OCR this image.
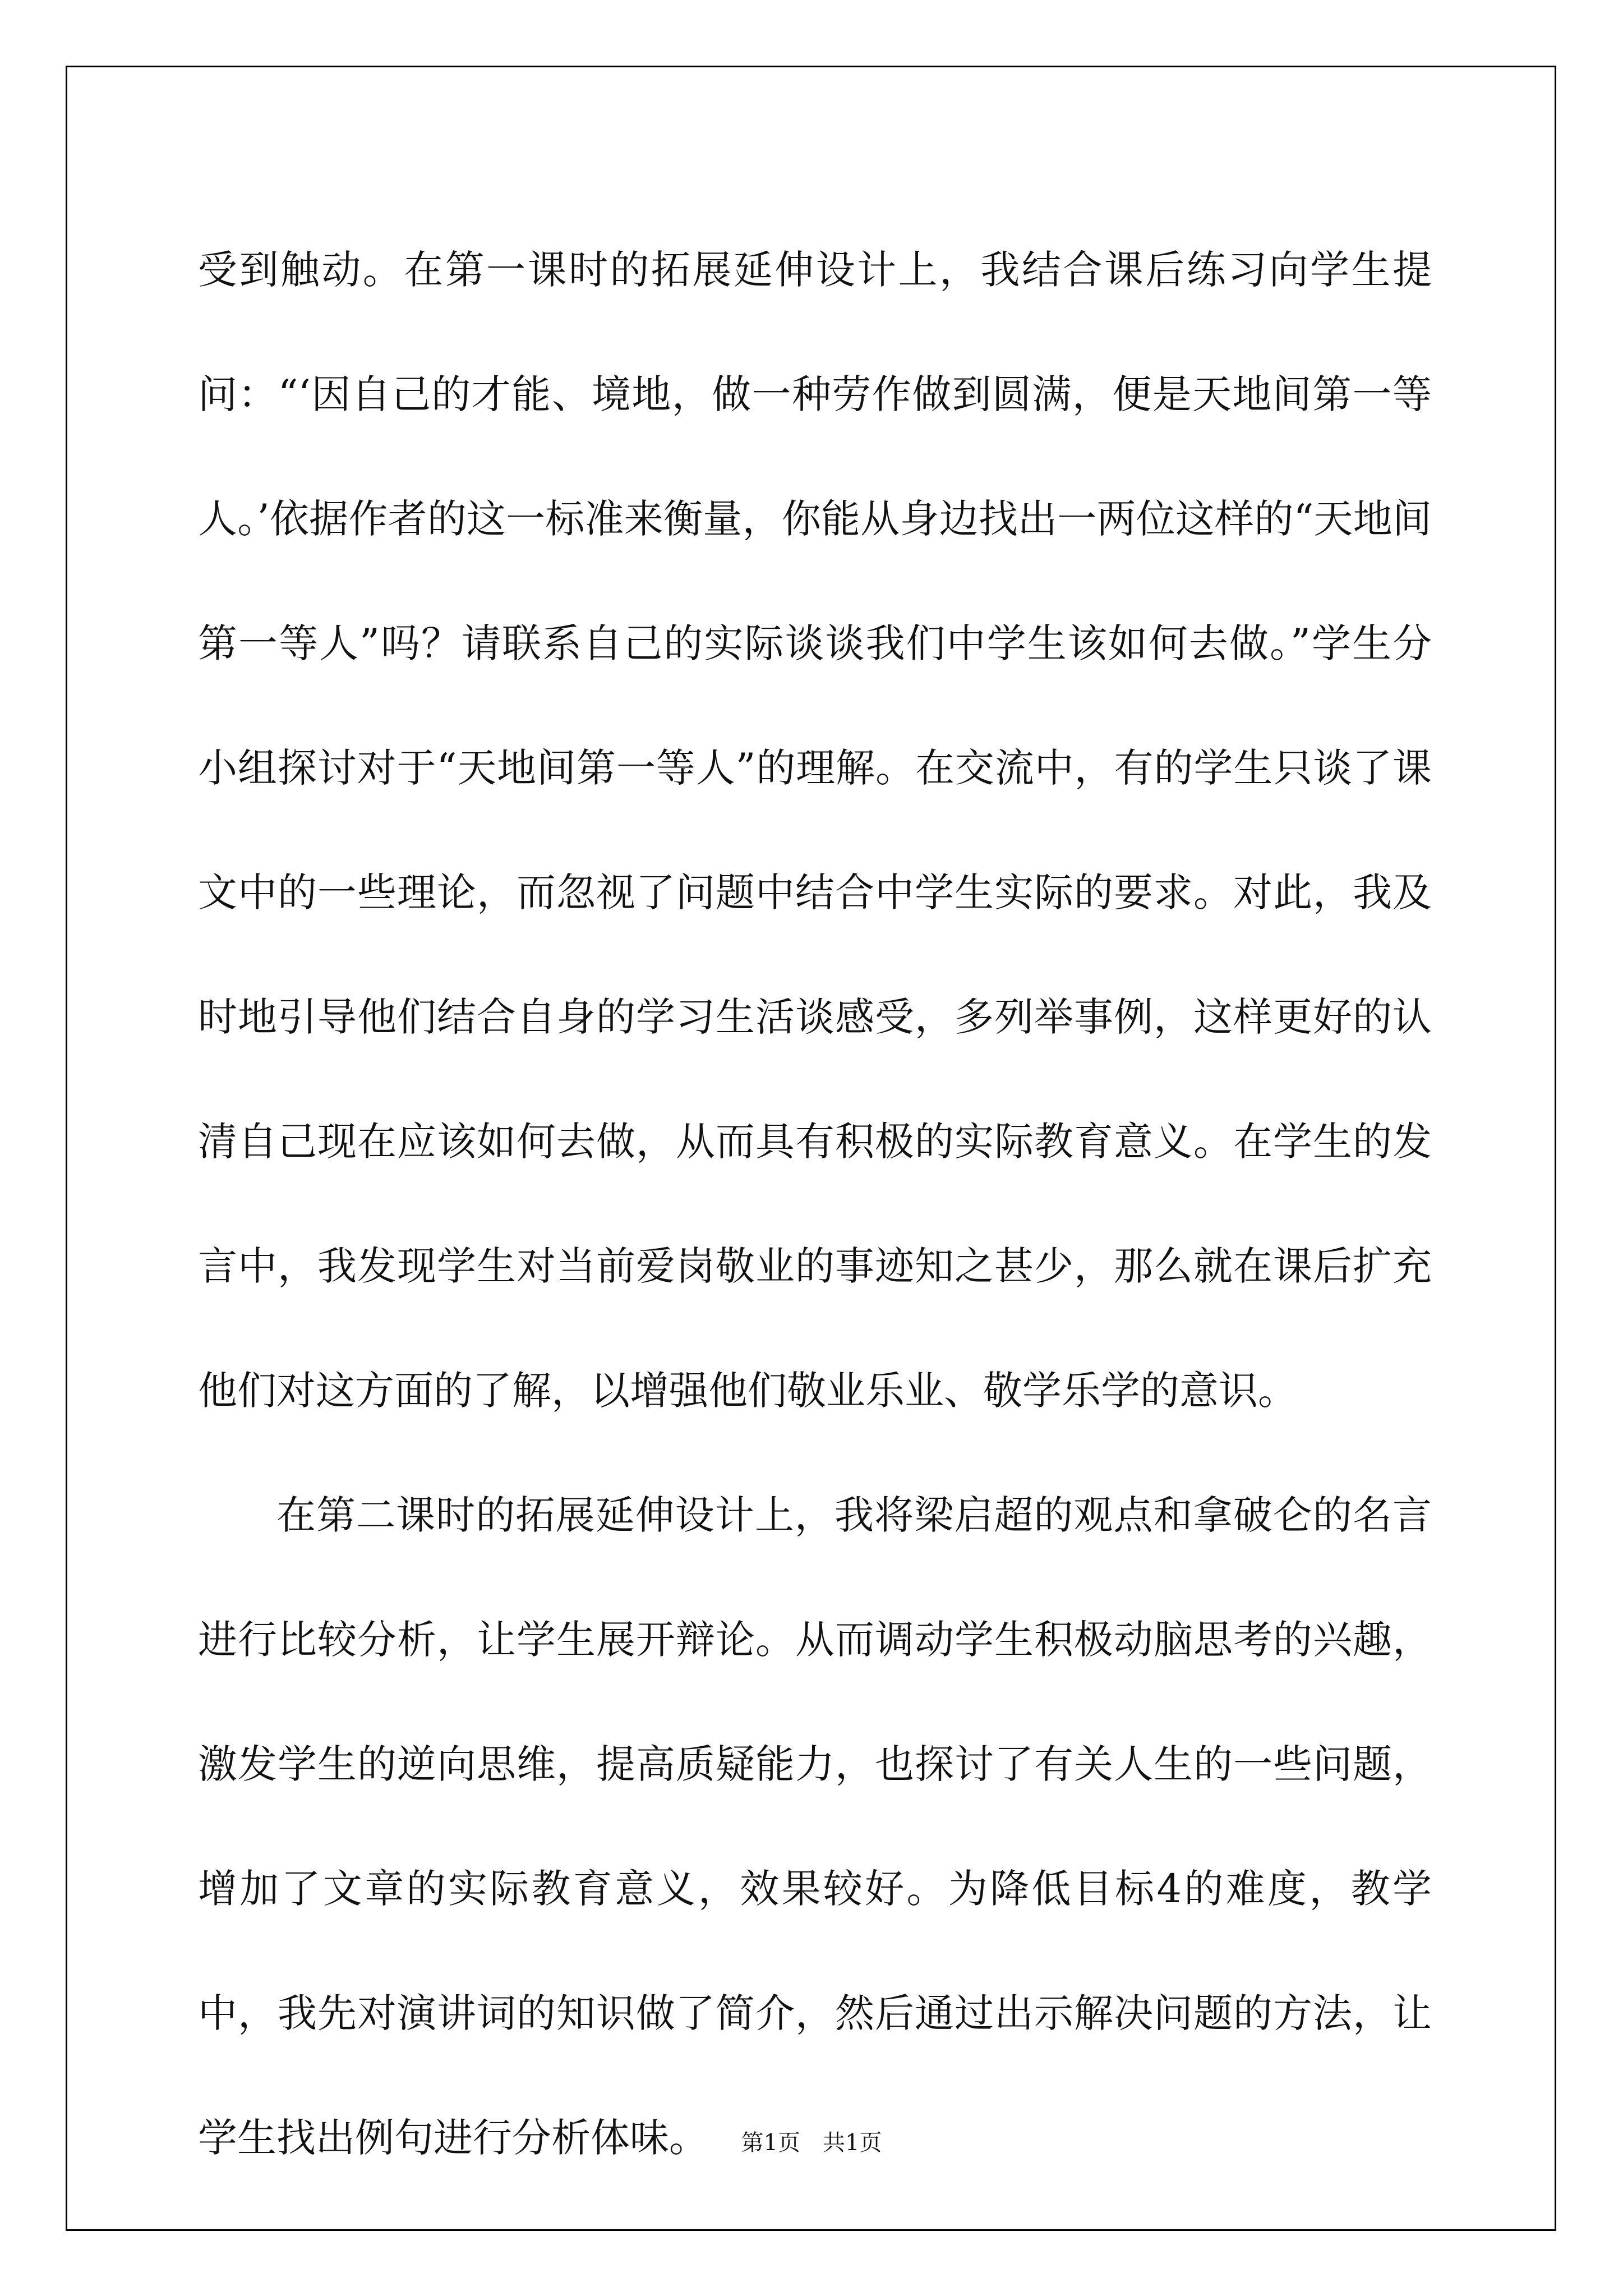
受到触动。在第一课时的拓展延伸设计上，我结合课后练习向学生提问：“‘因自己的才能、境地，做一种劳作做到圆满，便是天地间第一等人。’依据作者的这一标准来衡量，你能从身边找出一两位这样的“天地间第一等人”吗？请联系自己的实际谈谈我们中学生该如何去做。”学生分小组探讨对于“天地间第一等人”的理解。在交流中，有的学生只谈了课文中的一些理论，而忽视了问题中结合中学生实际的要求。对此，我及时地引导他们结合自身的学习生活谈感受，多列举事例，这样更好的认清自己现在应该如何去做，从而具有积极的实际教育意义。在学生的发言中，我发现学生对当前爱岗敬业的事迹知之甚少，那么就在课后扩充他们对这方面的了解，以增强他们敬业乐业、敬学乐学的意识。

在第二课时的拓展延伸设计上，我将梁启超的观点和拿破仑的名言进行比较分析，让学生展开辩论。从而调动学生积极动脑思考的兴趣，激发学生的逆向思维，提高质疑能力，也探讨了有关人生的一些问题，增加了文章的实际教育意义，效果较好。为降低目标4的难度，教学中，我先对演讲词的知识做了简介，然后通过出示解决问题的方法，让学生找出例句进行分析体味。	第1页 共1页
